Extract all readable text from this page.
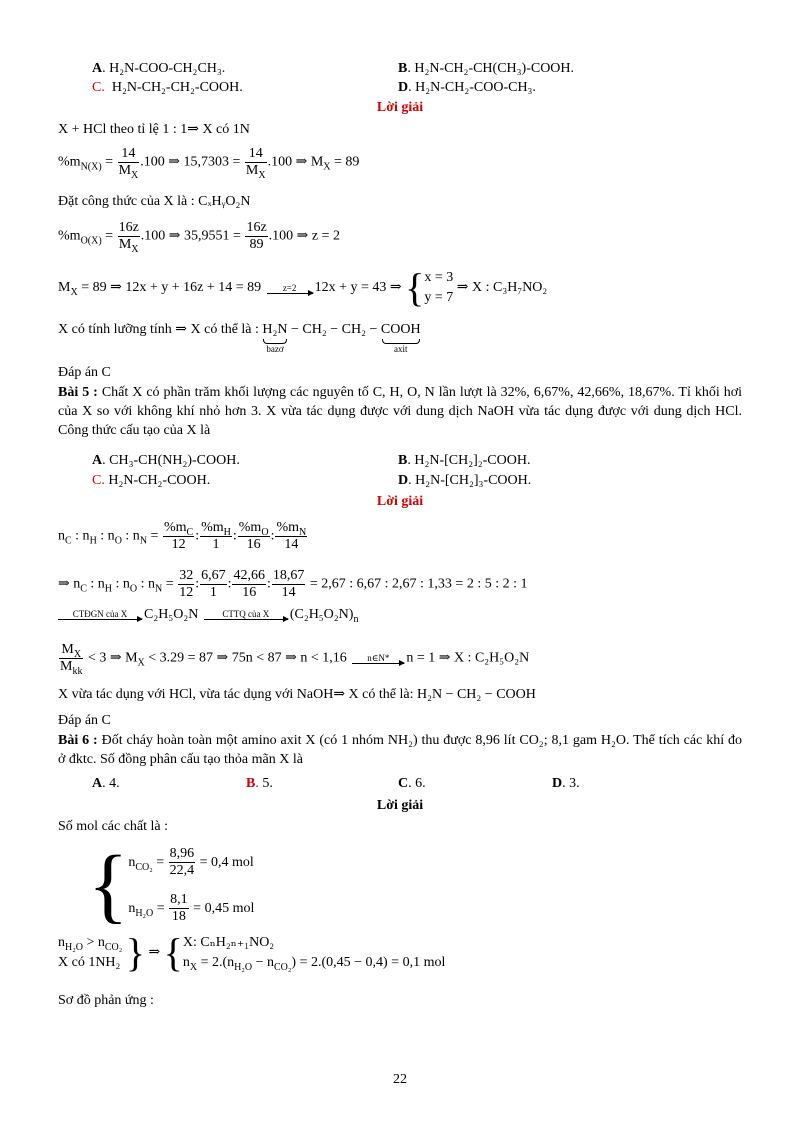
A. H₂N-COO-CH₂CH₃.	B. H₂N-CH₂-CH(CH₃)-COOH.
C. H₂N-CH₂-CH₂-COOH.	D. H₂N-CH₂-COO-CH₃.
Lời giải
X + HCl theo tỉ lệ 1 : 1⇒ X có 1N
$\%m_{N(X)} = \frac{14}{M_X} .100$ ⇒ $15,7303 = \frac{14}{M_X} .100$ ⇒ $M_X = 89$
Đặt công thức của X là : CₓHᵧO₂N
$\%m_{O(X)} = \frac{16z}{M_X} .100$ ⇒ $35,9551 = \frac{16z}{89} .100$ ⇒ z = 2
$M_X = 89$ ⇒ 12x + y + 16z + 14 = 89	z=2	12x + y = 43 ⇒ { x = 3
y = 7
⇒ X : C₃H₇NO₂
X có tính lưỡng tính ⇒ X có thể là : H₂N
bazơ
− CH₂ − CH₂ − COOH
axit
Đáp án C
Bài 5 : Chất X có phần trăm khối lượng các nguyên tố C, H, O, N lần lượt là 32%, 6,67%, 42,66%, 18,67%. Tỉ khối hơi của X so với không khí nhỏ hơn 3. X vừa tác dụng được với dung dịch NaOH vừa tác dụng được với dung dịch HCl. Công thức cấu tạo của X là
A. CH₃-CH(NH₂)-COOH.	B. H₂N-[CH₂]₂-COOH.
C. H₂N-CH₂-COOH.	D. H₂N-[CH₂]₃-COOH.
Lời giải
$n_C$ : $n_H$ : $n_O$ : $n_N = \frac{\%m_C}{12}$ : $\frac{\%m_H}{1}$ : $\frac{\%m_O}{16}$ : $\frac{\%m_N}{14}$
⇒ $n_C$ : $n_H$ : $n_O$ : $n_N = \frac{32}{12}$ : $\frac{6,67}{1}$ : $\frac{42,66}{16}$ : $\frac{18,67}{14} = 2,67$ : 6,67 : 2,67 : 1,33 = 2 : 5 : 2 : 1
CTĐGN của X	C₂H₅O₂N	CTTQ của X	$(C_2H_5O_2N)_n$
$\frac{M_X}{M_{kk}} < 3$ ⇒ $M_X < 3.29 = 87$ ⇒ 75n < 87 ⇒ n < 1,16	n∈N*	n = 1 ⇒ X : C₂H₅O₂N
X vừa tác dụng với HCl, vừa tác dụng với NaOH⇒ X có thể là: H₂N − CH₂ − COOH
Đáp án C
Bài 6 : Đốt cháy hoàn toàn một amino axit X (có 1 nhóm NH₂) thu được 8,96 lít CO₂; 8,1 gam H₂O. Thể tích các khí đo ở đktc. Số đồng phân cấu tạo thỏa mãn X là
A. 4.	B. 5.	C. 6.	D. 3.
Lời giải
Số mol các chất là :
{ $n_{CO_2} = \frac{8,96}{22,4} = 0,4$ mol
$n_{H_2O} = \frac{8,1}{18} = 0,45$ mol
$n_{H_2O} > n_{CO_2}$
X có 1NH₂ } ⇒ { X: CₙH₂ₙ₊₁NO₂
$n_X = 2.(n_{H_2O} - n_{CO_2}) = 2.(0,45 - 0,4) = 0,1$ mol
Sơ đồ phản ứng :
22
